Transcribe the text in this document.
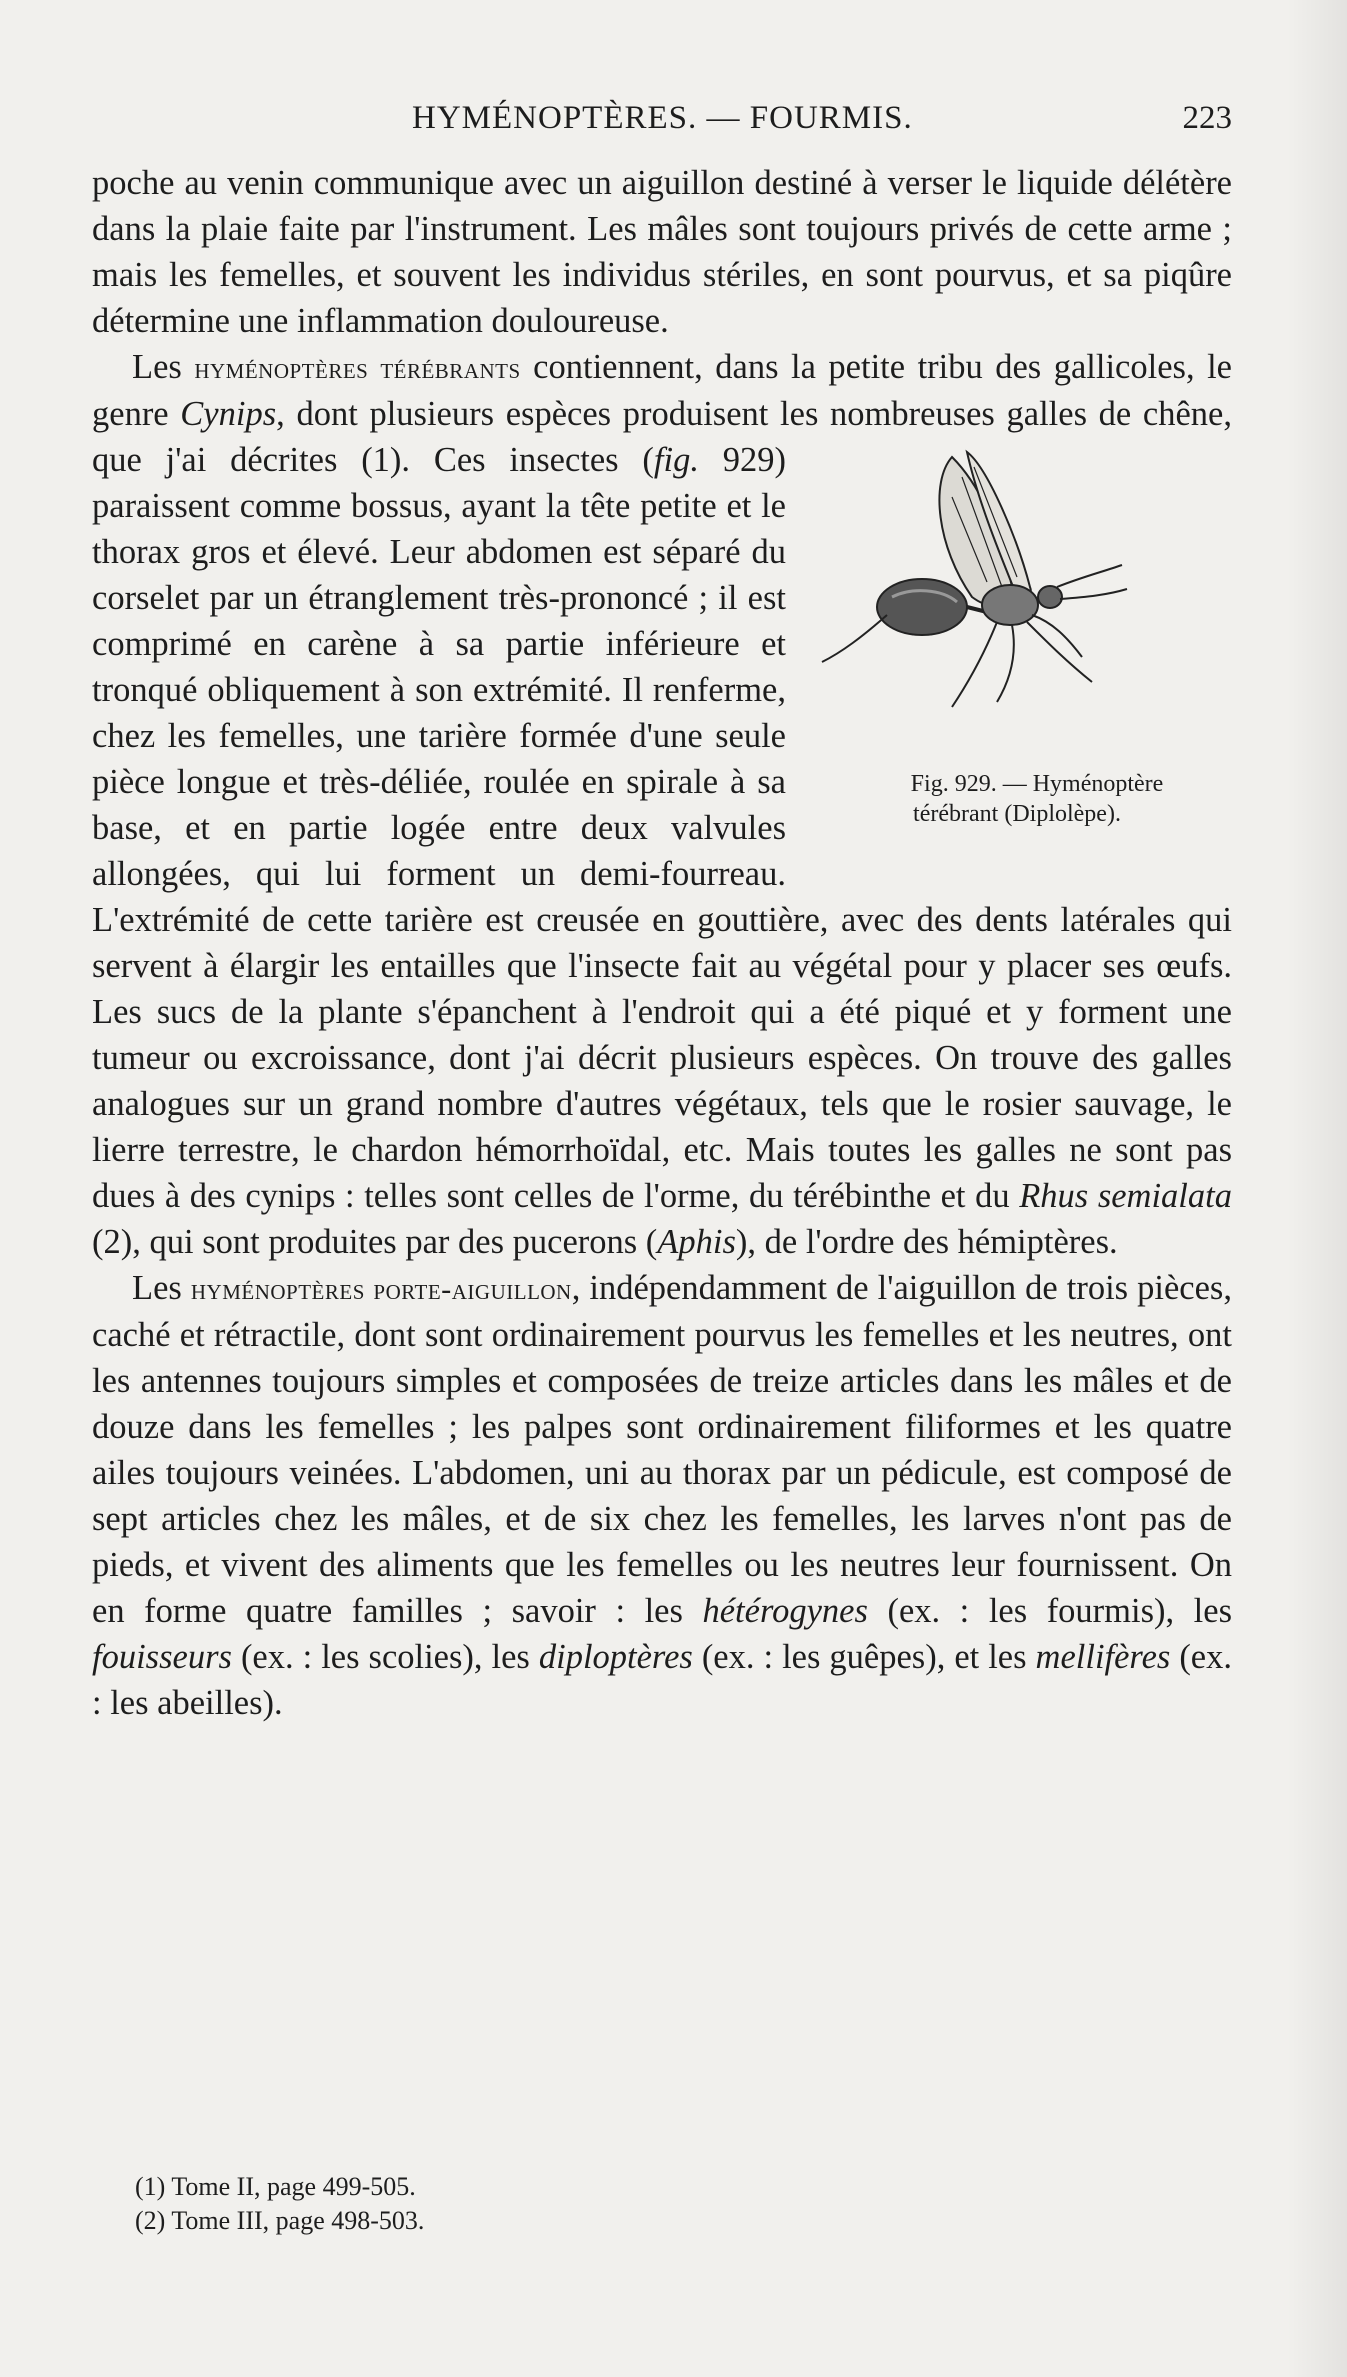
HYMÉNOPTÈRES. — FOURMIS.	223

poche au venin communique avec un aiguillon destiné à verser le liquide délétère dans la plaie faite par l'instrument. Les mâles sont toujours privés de cette arme ; mais les femelles, et souvent les individus stériles, en sont pourvus, et sa piqûre détermine une inflammation douloureuse.

Les hyménoptères térébrants contiennent, dans la petite tribu des gallicoles, le genre Cynips, dont plusieurs espèces produisent les nombreuses galles de chêne, que j'ai décrites (1). Ces insectes (fig.
Fig. 929. — Hyménoptère
térébrant (Diplolèpe).
929) paraissent comme bossus, ayant la tête petite et le thorax gros et élevé. Leur abdomen est séparé du corselet par un étranglement très-prononcé ; il est comprimé en carène à sa partie inférieure et tronqué obliquement à son extrémité. Il renferme, chez les femelles, une tarière formée d'une seule pièce longue et très-déliée, roulée en spirale à sa base, et en partie logée entre deux valvules allongées, qui lui forment un demi-fourreau. L'extrémité de cette tarière est creusée en gouttière, avec des dents latérales qui servent à élargir les entailles que l'insecte fait au végétal pour y placer ses œufs. Les sucs de la plante s'épanchent à l'endroit qui a été piqué et y forment une tumeur ou excroissance, dont j'ai décrit plusieurs espèces. On trouve des galles analogues sur un grand nombre d'autres végétaux, tels que le rosier sauvage, le lierre terrestre, le chardon hémorrhoïdal, etc. Mais toutes les galles ne sont pas dues à des cynips : telles sont celles de l'orme, du térébinthe et du Rhus semialata (2), qui sont produites par des pucerons (Aphis), de l'ordre des hémiptères.

Les hyménoptères porte-aiguillon, indépendamment de l'aiguillon de trois pièces, caché et rétractile, dont sont ordinairement pourvus les femelles et les neutres, ont les antennes toujours simples et composées de treize articles dans les mâles et de douze dans les femelles ; les palpes sont ordinairement filiformes et les quatre ailes toujours veinées. L'abdomen, uni au thorax par un pédicule, est composé de sept articles chez les mâles, et de six chez les femelles, les larves n'ont pas de pieds, et vivent des aliments que les femelles ou les neutres leur fournissent. On en forme quatre familles ; savoir : les hétérogynes (ex. : les fourmis), les fouisseurs (ex. : les scolies), les diploptères (ex. : les guêpes), et les mellifères (ex. : les abeilles).

(1) Tome II, page 499-505.
(2) Tome III, page 498-503.
